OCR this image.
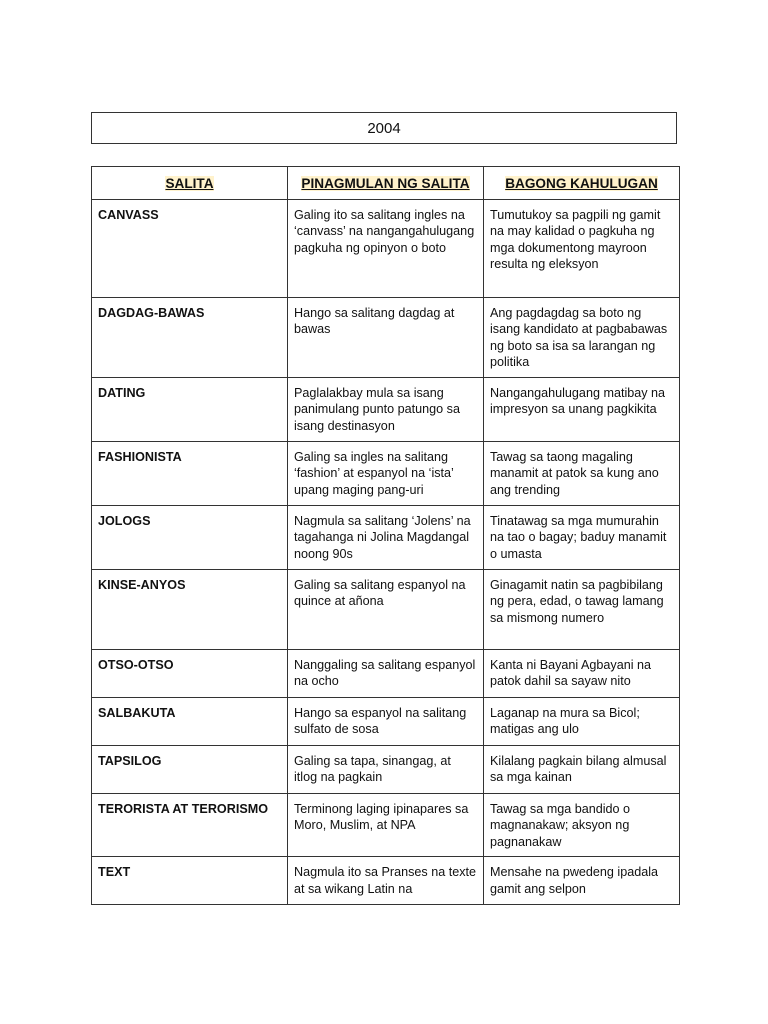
2004
SALITA	PINAGMULAN NG SALITA	BAGONG KAHULUGAN
CANVASS	Galing ito sa salitang ingles na ‘canvass’ na nangangahulugang pagkuha ng opinyon o boto	Tumutukoy sa pagpili ng gamit na may kalidad o pagkuha ng mga dokumentong mayroon resulta ng eleksyon
DAGDAG-BAWAS	Hango sa salitang dagdag at bawas	Ang pagdagdag sa boto ng isang kandidato at pagbabawas ng boto sa isa sa larangan ng politika
DATING	Paglalakbay mula sa isang panimulang punto patungo sa isang destinasyon	Nangangahulugang matibay na impresyon sa unang pagkikita
FASHIONISTA	Galing sa ingles na salitang ‘fashion’ at espanyol na ‘ista’ upang maging pang-uri	Tawag sa taong magaling manamit at patok sa kung ano ang trending
JOLOGS	Nagmula sa salitang ‘Jolens’ na tagahanga ni Jolina Magdangal noong 90s	Tinatawag sa mga mumurahin na tao o bagay; baduy manamit o umasta
KINSE-ANYOS	Galing sa salitang espanyol na quince at añona	Ginagamit natin sa pagbibilang ng pera, edad, o tawag lamang sa mismong numero
OTSO-OTSO	Nanggaling sa salitang espanyol na ocho	Kanta ni Bayani Agbayani na patok dahil sa sayaw nito
SALBAKUTA	Hango sa espanyol na salitang sulfato de sosa	Laganap na mura sa Bicol; matigas ang ulo
TAPSILOG	Galing sa tapa, sinangag, at itlog na pagkain	Kilalang pagkain bilang almusal sa mga kainan
TERORISTA AT TERORISMO	Terminong laging ipinapares sa Moro, Muslim, at NPA	Tawag sa mga bandido o magnanakaw; aksyon ng pagnanakaw
TEXT	Nagmula ito sa Pranses na texte at sa wikang Latin na	Mensahe na pwedeng ipadala gamit ang selpon
